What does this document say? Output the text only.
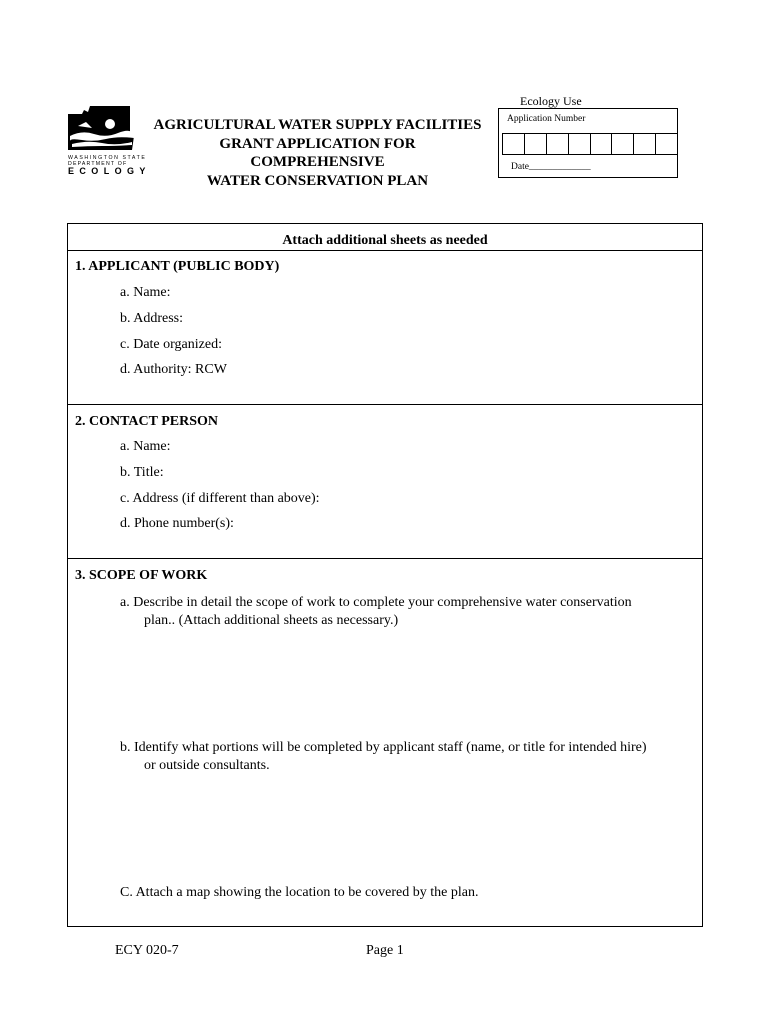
WASHINGTON STATE
DEPARTMENT OF
ECOLOGY
AGRICULTURAL WATER SUPPLY FACILITIES
GRANT APPLICATION FOR
COMPREHENSIVE
WATER CONSERVATION PLAN
Ecology Use
Application Number
Date_____________
Attach additional sheets as needed
1. APPLICANT (PUBLIC BODY)
a. Name:
b. Address:
c. Date organized:
d. Authority: RCW
2. CONTACT PERSON
a. Name:
b. Title:
c. Address (if different than above):
d. Phone number(s):
3. SCOPE OF WORK
a. Describe in detail the scope of work to complete your comprehensive water conservation
plan.. (Attach additional sheets as necessary.)
b. Identify what portions will be completed by applicant staff (name, or title for intended hire)
or outside consultants.
C. Attach a map showing the location to be covered by the plan.
ECY 020-7	Page 1
